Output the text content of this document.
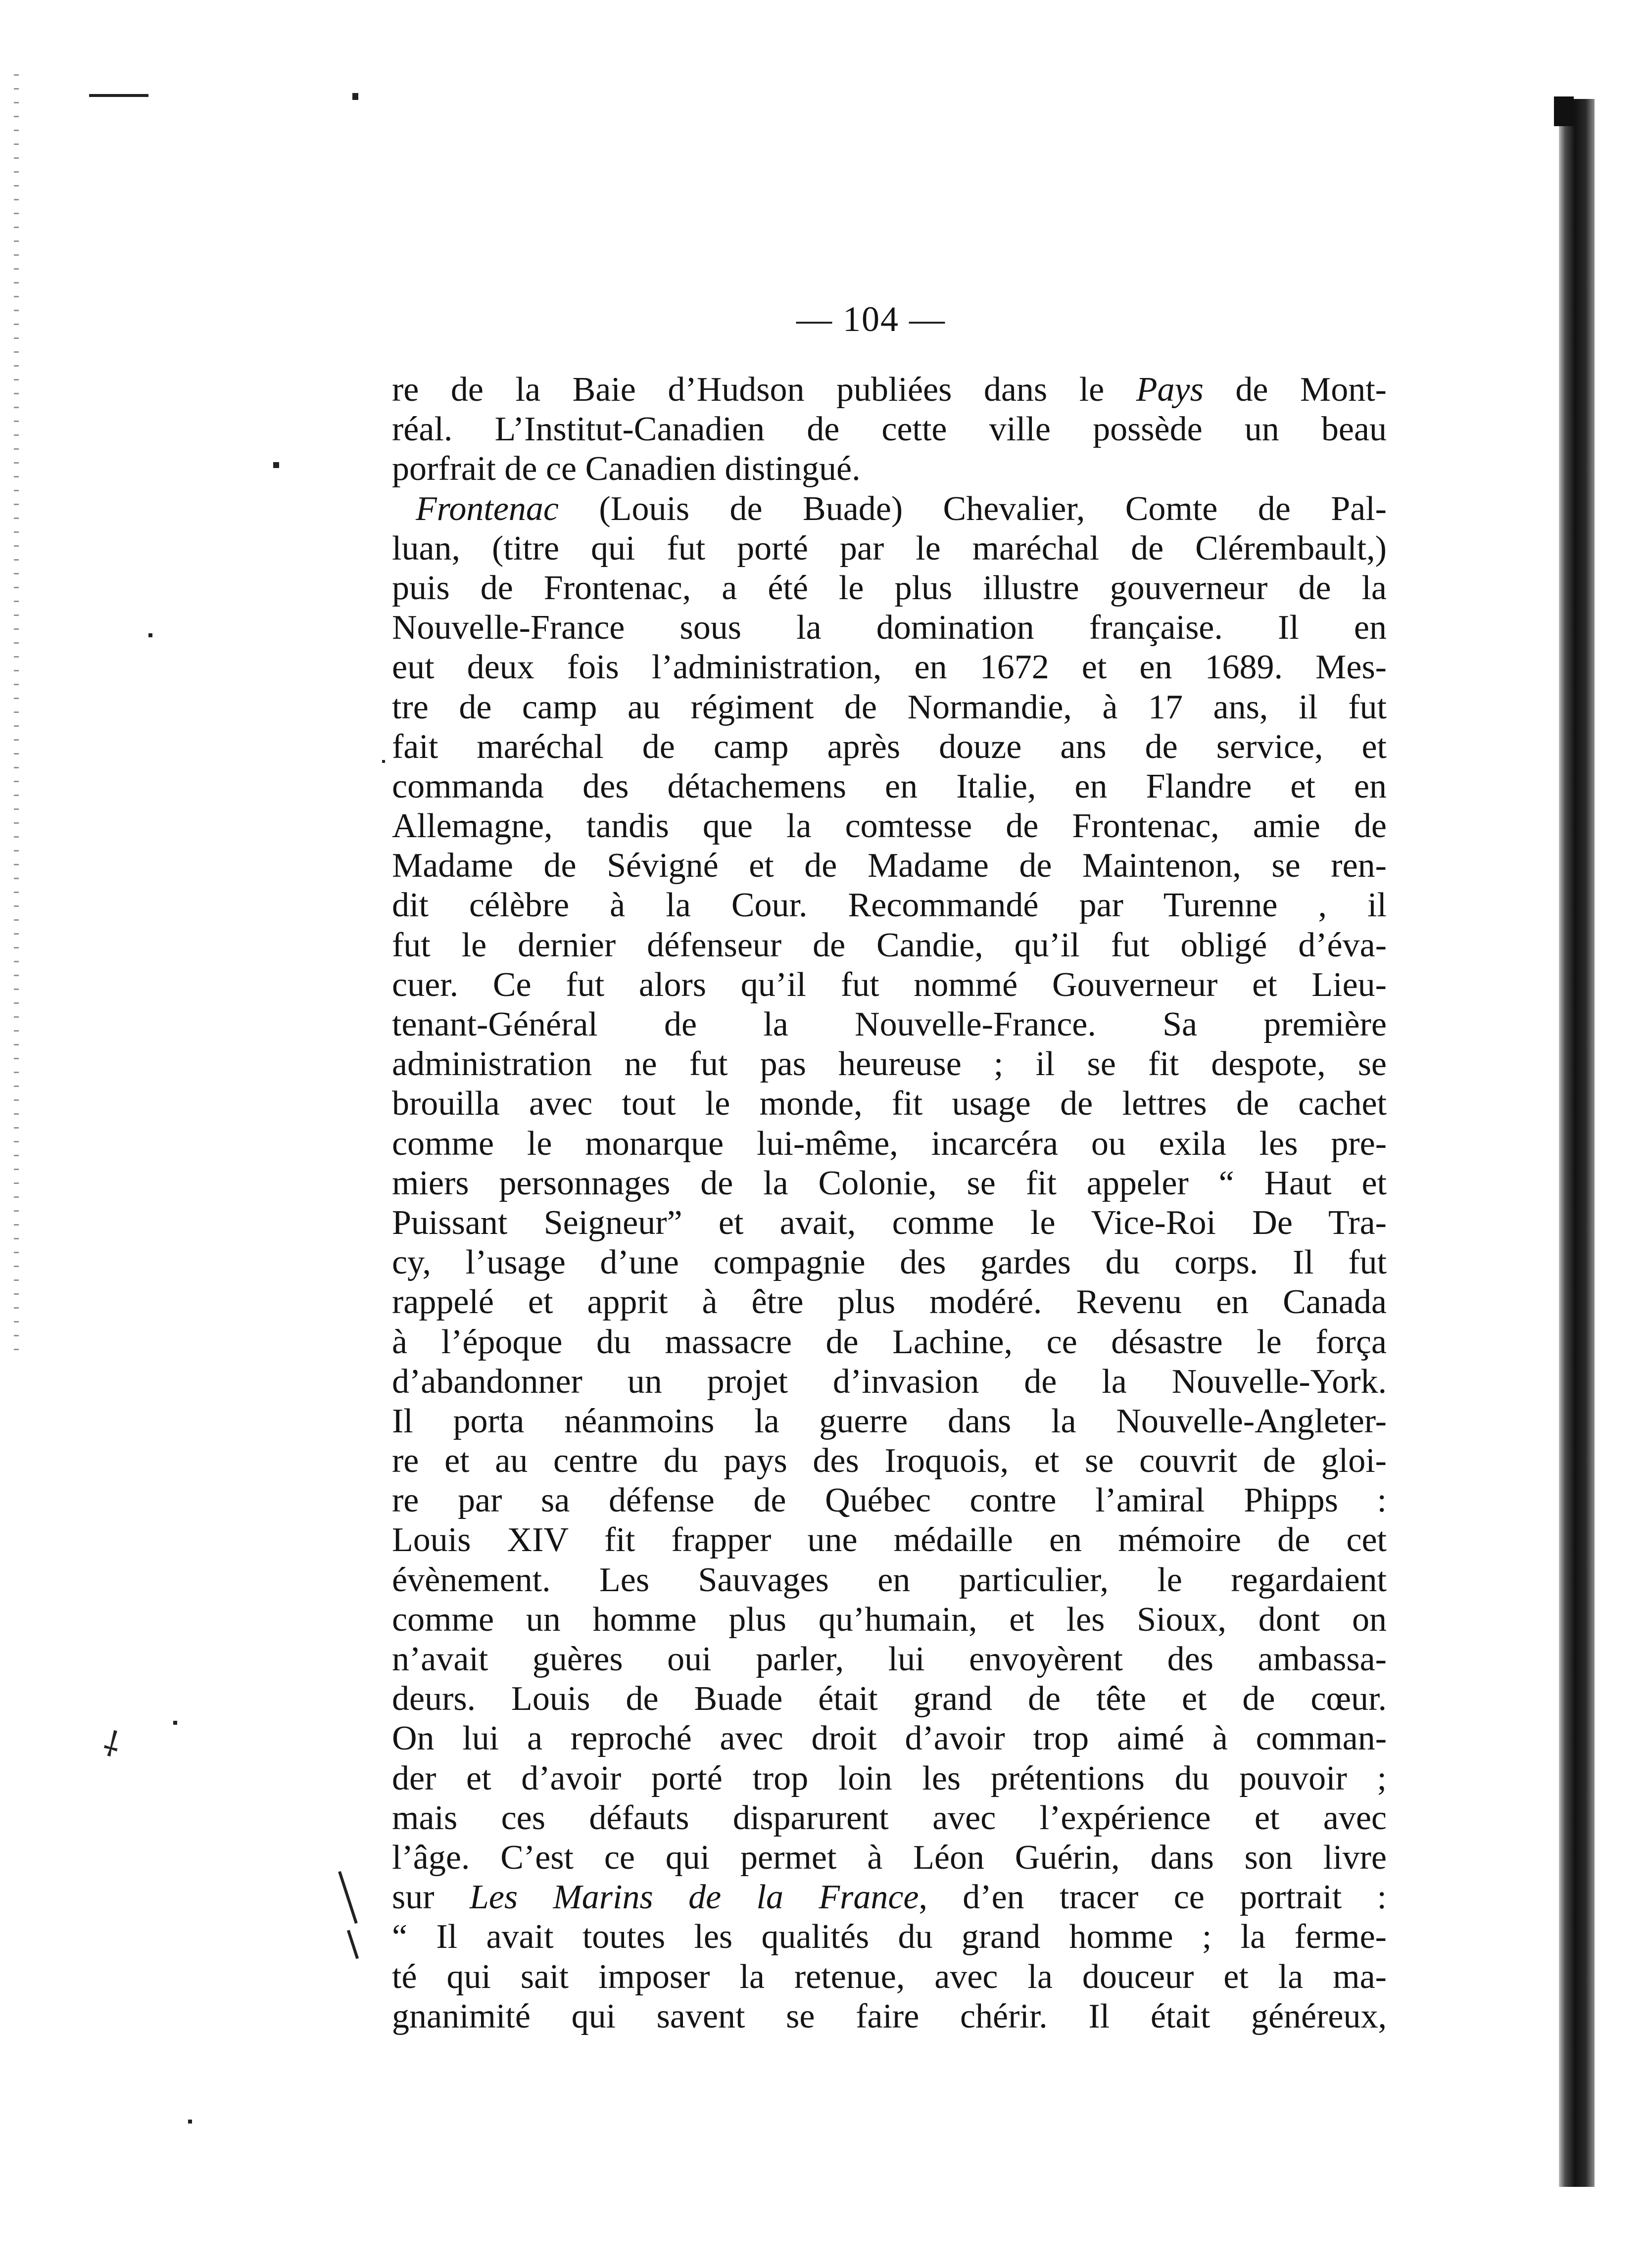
⸸
— 104 —
re de la Baie d’Hudson publiées dans le Pays de Mont-
réal. L’Institut-Canadien de cette ville possède un beau
porfrait de ce Canadien distingué.
Frontenac (Louis de Buade) Chevalier, Comte de Pal-
luan, (titre qui fut porté par le maréchal de Clérembault,)
puis de Frontenac, a été le plus illustre gouverneur de la
Nouvelle-France sous la domination française. Il en
eut deux fois l’administration, en 1672 et en 1689. Mes-
tre de camp au régiment de Normandie, à 17 ans, il fut
fait maréchal de camp après douze ans de service, et
commanda des détachemens en Italie, en Flandre et en
Allemagne, tandis que la comtesse de Frontenac, amie de
Madame de Sévigné et de Madame de Maintenon, se ren-
dit célèbre à la Cour. Recommandé par Turenne , il
fut le dernier défenseur de Candie, qu’il fut obligé d’éva-
cuer. Ce fut alors qu’il fut nommé Gouverneur et Lieu-
tenant-Général de la Nouvelle-France. Sa première
administration ne fut pas heureuse ; il se fit despote, se
brouilla avec tout le monde, fit usage de lettres de cachet
comme le monarque lui-même, incarcéra ou exila les pre-
miers personnages de la Colonie, se fit appeler “ Haut et
Puissant Seigneur” et avait, comme le Vice-Roi De Tra-
cy, l’usage d’une compagnie des gardes du corps. Il fut
rappelé et apprit à être plus modéré. Revenu en Canada
à l’époque du massacre de Lachine, ce désastre le força
d’abandonner un projet d’invasion de la Nouvelle-York.
Il porta néanmoins la guerre dans la Nouvelle-Angleter-
re et au centre du pays des Iroquois, et se couvrit de gloi-
re par sa défense de Québec contre l’amiral Phipps :
Louis XIV fit frapper une médaille en mémoire de cet
évènement. Les Sauvages en particulier, le regardaient
comme un homme plus qu’humain, et les Sioux, dont on
n’avait guères oui parler, lui envoyèrent des ambassa-
deurs. Louis de Buade était grand de tête et de cœur.
On lui a reproché avec droit d’avoir trop aimé à comman-
der et d’avoir porté trop loin les prétentions du pouvoir ;
mais ces défauts disparurent avec l’expérience et avec
l’âge. C’est ce qui permet à Léon Guérin, dans son livre
sur Les Marins de la France, d’en tracer ce portrait :
“ Il avait toutes les qualités du grand homme ; la ferme-
té qui sait imposer la retenue, avec la douceur et la ma-
gnanimité qui savent se faire chérir. Il était généreux,
